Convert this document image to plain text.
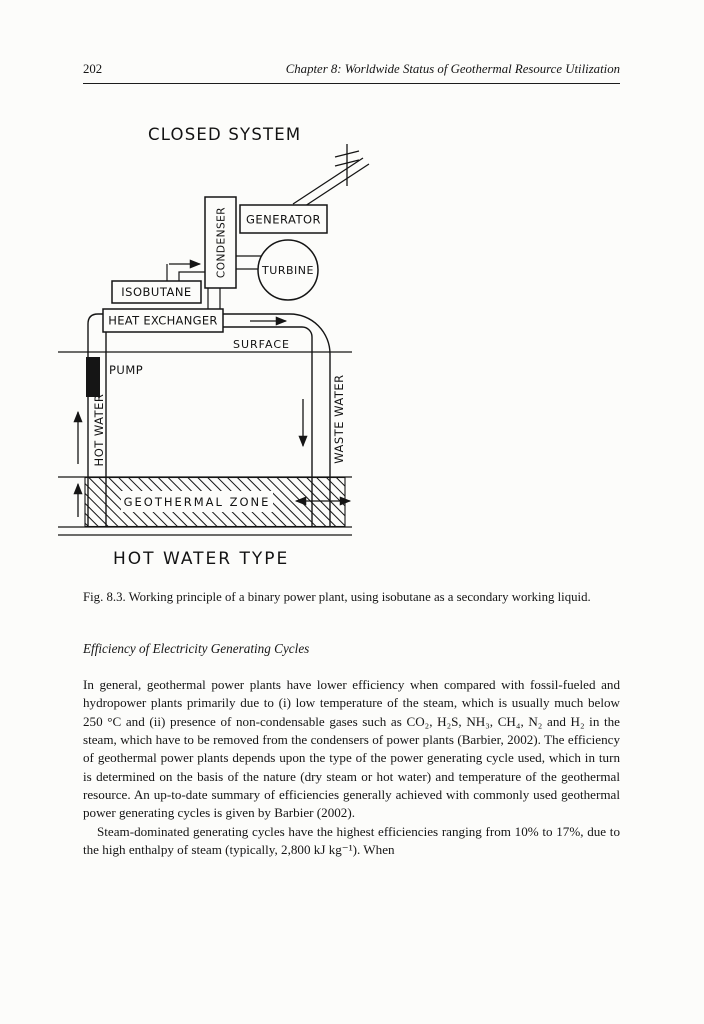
202	Chapter 8: Worldwide Status of Geothermal Resource Utilization
CLOSED SYSTEM
GEOTHERMAL ZONE
SURFACE
GENERATOR
TURBINE
CONDENSER
ISOBUTANE
HEAT EXCHANGER
PUMP
HOT WATER	WASTE WATER
HOT WATER TYPE
Fig. 8.3. Working principle of a binary power plant, using isobutane as a secondary working liquid.
Efficiency of Electricity Generating Cycles

In general, geothermal power plants have lower efficiency when compared with fossil-fueled and hydropower plants primarily due to (i) low temperature of the steam, which is usually much below 250 °C and (ii) presence of non-condensable gases such as CO₂, H₂S, NH₃, CH₄, N₂ and H₂ in the steam, which have to be removed from the condensers of power plants (Barbier, 2002). The efficiency of geothermal power plants depends upon the type of the power generating cycle used, which in turn is determined on the basis of the nature (dry steam or hot water) and temperature of the geothermal resource. An up-to-date summary of efficiencies generally achieved with commonly used geothermal power generating cycles is given by Barbier (2002).

Steam-dominated generating cycles have the highest efficiencies ranging from 10% to 17%, due to the high enthalpy of steam (typically, 2,800 kJ kg⁻¹). When
